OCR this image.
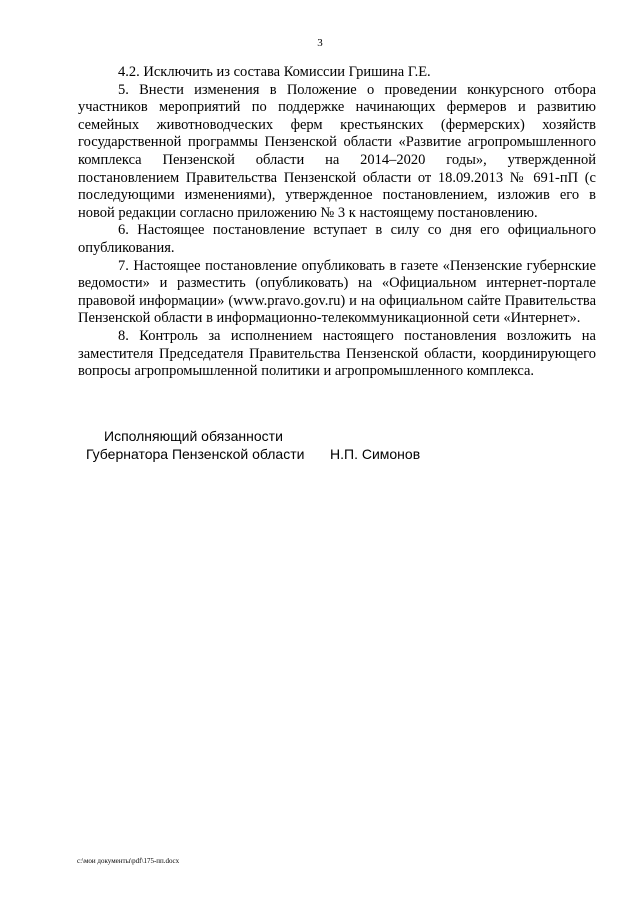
3

4.2. Исключить из состава Комиссии Гришина Г.Е.

5. Внести изменения в Положение о проведении конкурсного отбора участников мероприятий по поддержке начинающих фермеров и развитию семейных животноводческих ферм крестьянских (фермерских) хозяйств государственной программы Пензенской области «Развитие агропромышленного комплекса Пензенской области на 2014–2020 годы», утвержденной постановлением Правительства Пензенской области от 18.09.2013 № 691-пП (с последующими изменениями), утвержденное постановлением, изложив его в новой редакции согласно приложению № 3 к настоящему постановлению.

6. Настоящее постановление вступает в силу со дня его официального опубликования.

7. Настоящее постановление опубликовать в газете «Пензенские губернские ведомости» и разместить (опубликовать) на «Официальном интернет-портале правовой информации» (www.pravo.gov.ru) и на официальном сайте Правительства Пензенской области в информационно-телекоммуникационной сети «Интернет».

8. Контроль за исполнением настоящего постановления возложить на заместителя Председателя Правительства Пензенской области, координирующего вопросы агропромышленной политики и агропромышленного комплекса.

Исполняющий обязанности
Губернатора Пензенской области Н.П. Симонов
c:\мои документы\pdf\175-пп.docx
